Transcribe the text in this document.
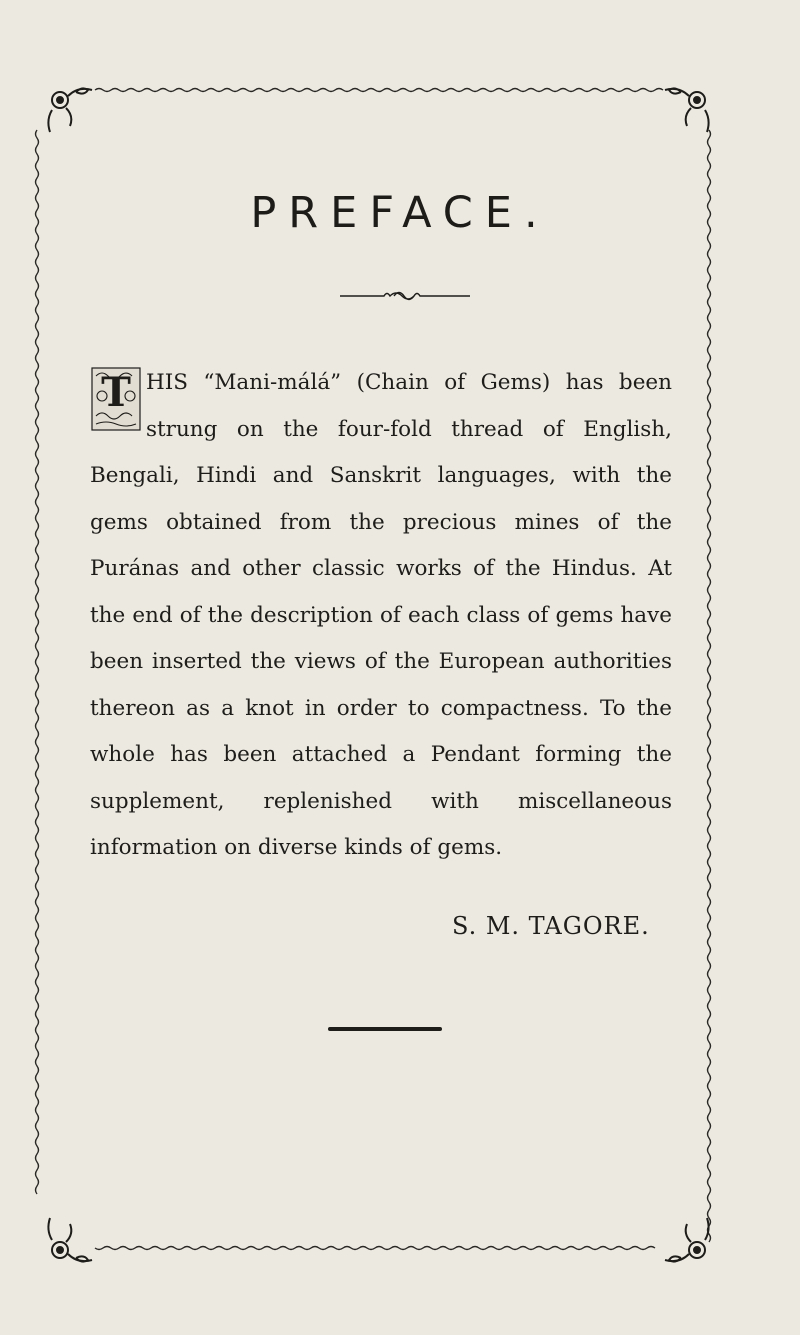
PREFACE.
T HIS “Mani-málá” (Chain of Gems) has been strung on the four-fold thread of English, Bengali, Hindi and Sanskrit languages, with the gems obtained from the precious mines of the Puránas and other classic works of the Hindus. At the end of the description of each class of gems have been inserted the views of the European authorities thereon as a knot in order to compactness. To the whole has been attached a Pendant forming the supplement, replenished with miscellaneous information on diverse kinds of gems.

S. M. TAGORE.
